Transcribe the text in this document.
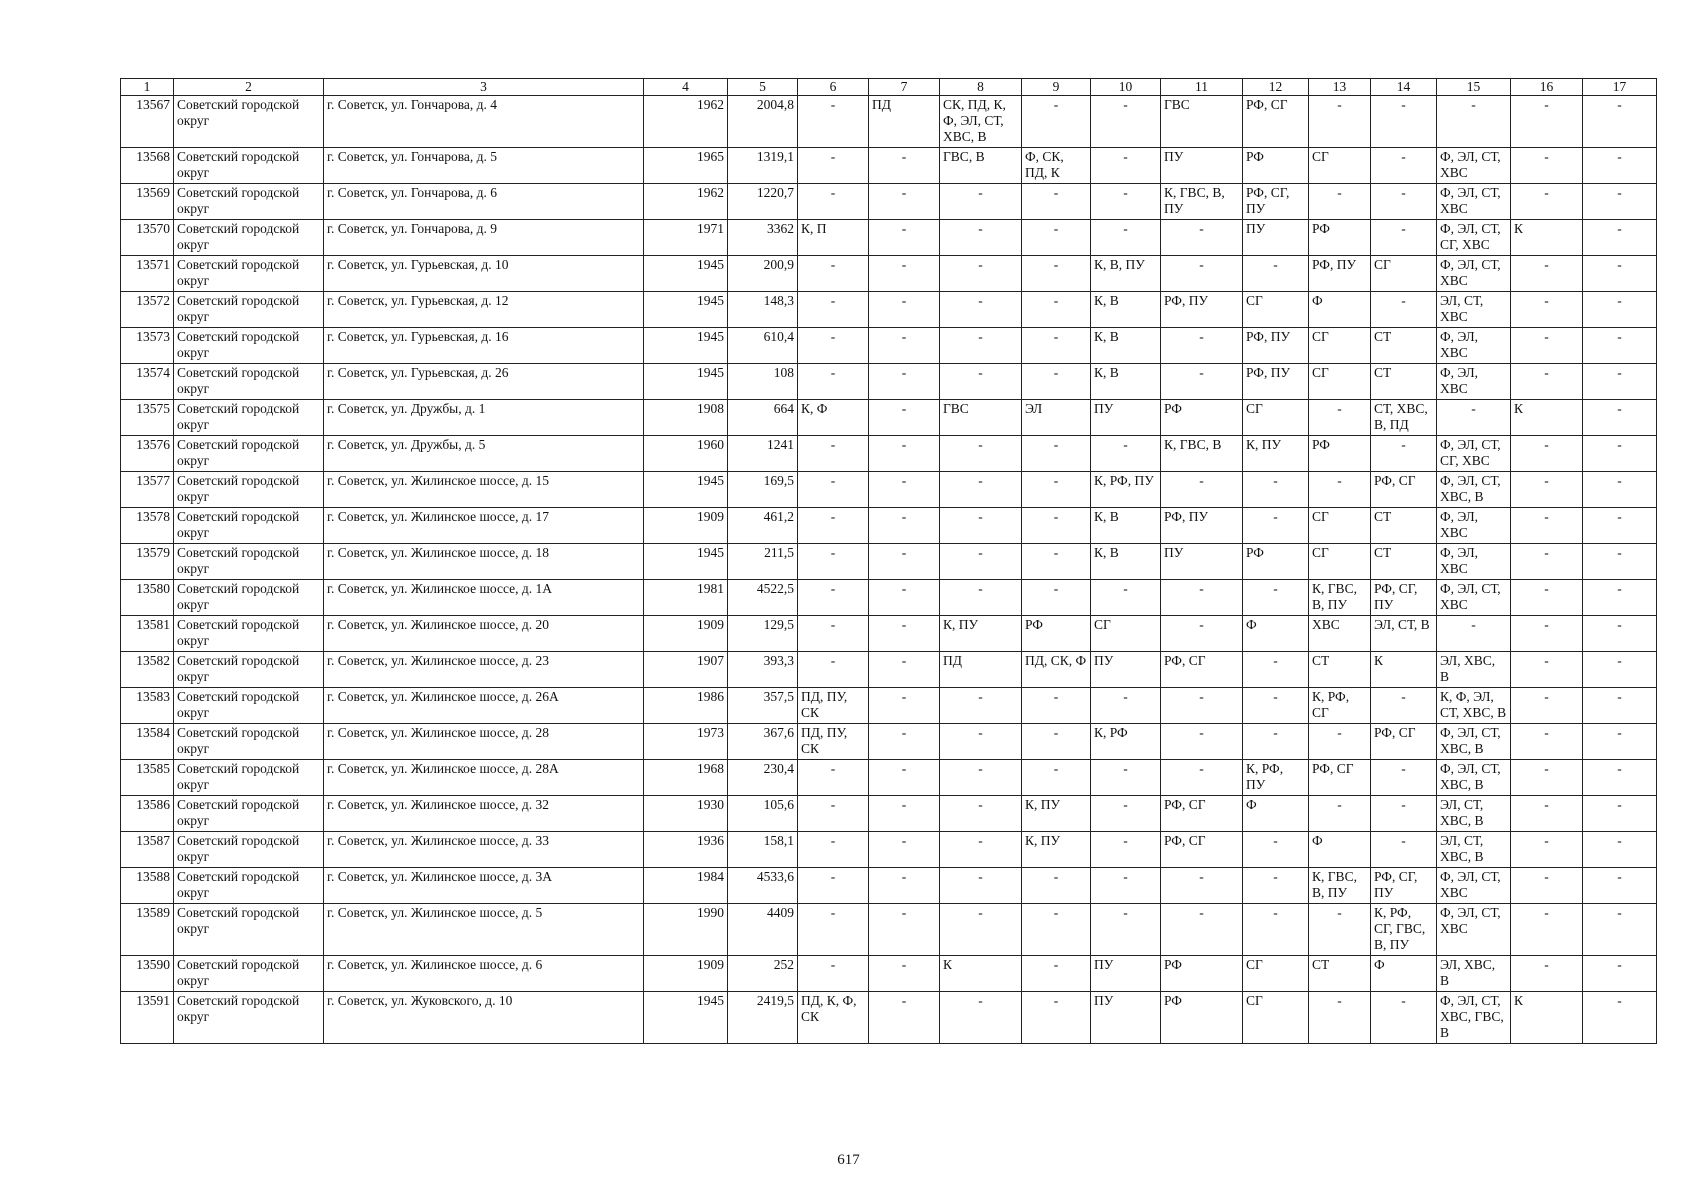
1	2	3	4	5	6	7	8	9	10	11	12	13	14	15	16	17
13567	Советский городской округ	г. Советск, ул. Гончарова, д. 4	1962	2004,8	-	ПД	СК, ПД, К, Ф, ЭЛ, СТ, ХВС, В	-	-	ГВС	РФ, СГ	-	-	-	-	-
13568	Советский городской округ	г. Советск, ул. Гончарова, д. 5	1965	1319,1	-	-	ГВС, В	Ф, СК, ПД, К	-	ПУ	РФ	СГ	-	Ф, ЭЛ, СТ, ХВС	-	-
13569	Советский городской округ	г. Советск, ул. Гончарова, д. 6	1962	1220,7	-	-	-	-	-	К, ГВС, В, ПУ	РФ, СГ, ПУ	-	-	Ф, ЭЛ, СТ, ХВС	-	-
13570	Советский городской округ	г. Советск, ул. Гончарова, д. 9	1971	3362	К, П	-	-	-	-	-	ПУ	РФ	-	Ф, ЭЛ, СТ, СГ, ХВС	К	-
13571	Советский городской округ	г. Советск, ул. Гурьевская, д. 10	1945	200,9	-	-	-	-	К, В, ПУ	-	-	РФ, ПУ	СГ	Ф, ЭЛ, СТ, ХВС	-	-
13572	Советский городской округ	г. Советск, ул. Гурьевская, д. 12	1945	148,3	-	-	-	-	К, В	РФ, ПУ	СГ	Ф	-	ЭЛ, СТ, ХВС	-	-
13573	Советский городской округ	г. Советск, ул. Гурьевская, д. 16	1945	610,4	-	-	-	-	К, В	-	РФ, ПУ	СГ	СТ	Ф, ЭЛ, ХВС	-	-
13574	Советский городской округ	г. Советск, ул. Гурьевская, д. 26	1945	108	-	-	-	-	К, В	-	РФ, ПУ	СГ	СТ	Ф, ЭЛ, ХВС	-	-
13575	Советский городской округ	г. Советск, ул. Дружбы, д. 1	1908	664	К, Ф	-	ГВС	ЭЛ	ПУ	РФ	СГ	-	СТ, ХВС, В, ПД	-	К	-
13576	Советский городской округ	г. Советск, ул. Дружбы, д. 5	1960	1241	-	-	-	-	-	К, ГВС, В	К, ПУ	РФ	-	Ф, ЭЛ, СТ, СГ, ХВС	-	-
13577	Советский городской округ	г. Советск, ул. Жилинское шоссе, д. 15	1945	169,5	-	-	-	-	К, РФ, ПУ	-	-	-	РФ, СГ	Ф, ЭЛ, СТ, ХВС, В	-	-
13578	Советский городской округ	г. Советск, ул. Жилинское шоссе, д. 17	1909	461,2	-	-	-	-	К, В	РФ, ПУ	-	СГ	СТ	Ф, ЭЛ, ХВС	-	-
13579	Советский городской округ	г. Советск, ул. Жилинское шоссе, д. 18	1945	211,5	-	-	-	-	К, В	ПУ	РФ	СГ	СТ	Ф, ЭЛ, ХВС	-	-
13580	Советский городской округ	г. Советск, ул. Жилинское шоссе, д. 1А	1981	4522,5	-	-	-	-	-	-	-	К, ГВС, В, ПУ	РФ, СГ, ПУ	Ф, ЭЛ, СТ, ХВС	-	-
13581	Советский городской округ	г. Советск, ул. Жилинское шоссе, д. 20	1909	129,5	-	-	К, ПУ	РФ	СГ	-	Ф	ХВС	ЭЛ, СТ, В	-	-	-
13582	Советский городской округ	г. Советск, ул. Жилинское шоссе, д. 23	1907	393,3	-	-	ПД	ПД, СК, Ф	ПУ	РФ, СГ	-	СТ	К	ЭЛ, ХВС, В	-	-
13583	Советский городской округ	г. Советск, ул. Жилинское шоссе, д. 26А	1986	357,5	ПД, ПУ, СК	-	-	-	-	-	-	К, РФ, СГ	-	К, Ф, ЭЛ, СТ, ХВС, В	-	-
13584	Советский городской округ	г. Советск, ул. Жилинское шоссе, д. 28	1973	367,6	ПД, ПУ, СК	-	-	-	К, РФ	-	-	-	РФ, СГ	Ф, ЭЛ, СТ, ХВС, В	-	-
13585	Советский городской округ	г. Советск, ул. Жилинское шоссе, д. 28А	1968	230,4	-	-	-	-	-	-	К, РФ, ПУ	РФ, СГ	-	Ф, ЭЛ, СТ, ХВС, В	-	-
13586	Советский городской округ	г. Советск, ул. Жилинское шоссе, д. 32	1930	105,6	-	-	-	К, ПУ	-	РФ, СГ	Ф	-	-	ЭЛ, СТ, ХВС, В	-	-
13587	Советский городской округ	г. Советск, ул. Жилинское шоссе, д. 33	1936	158,1	-	-	-	К, ПУ	-	РФ, СГ	-	Ф	-	ЭЛ, СТ, ХВС, В	-	-
13588	Советский городской округ	г. Советск, ул. Жилинское шоссе, д. 3А	1984	4533,6	-	-	-	-	-	-	-	К, ГВС, В, ПУ	РФ, СГ, ПУ	Ф, ЭЛ, СТ, ХВС	-	-
13589	Советский городской округ	г. Советск, ул. Жилинское шоссе, д. 5	1990	4409	-	-	-	-	-	-	-	-	К, РФ, СГ, ГВС, В, ПУ	Ф, ЭЛ, СТ, ХВС	-	-
13590	Советский городской округ	г. Советск, ул. Жилинское шоссе, д. 6	1909	252	-	-	К	-	ПУ	РФ	СГ	СТ	Ф	ЭЛ, ХВС, В	-	-
13591	Советский городской округ	г. Советск, ул. Жуковского, д. 10	1945	2419,5	ПД, К, Ф, СК	-	-	-	ПУ	РФ	СГ	-	-	Ф, ЭЛ, СТ, ХВС, ГВС, В	К	-
617
